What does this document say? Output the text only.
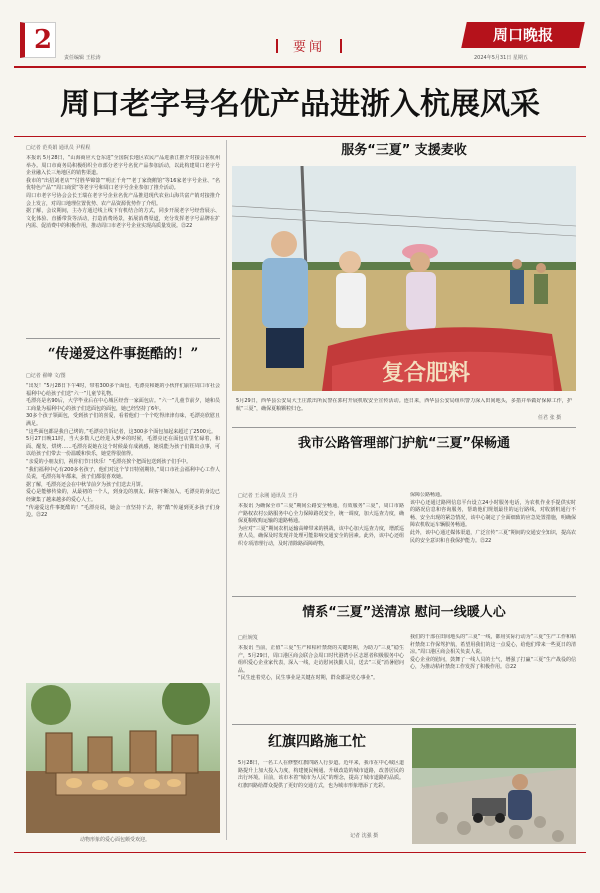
2
责任编辑 王松涛
要闻
周口晚报
2024年5月31日 星期五
周口老字号名优产品进浙入杭展风采
□记者 范英娟 通讯员 尹程程
本报讯 5月28日，“山海商应大仓东进”全国院长地区农民产品进浙江推介对接会在杭州举办。周口市商务局积极组织全市部分老字号名优产品参加活动，以此构建周口老字号企业融入长三角地区的销售渠道。
我市的“出招刘老店”“付胜华锦馀”“明正千舟”“老丁家烧鹅馆”等16家老字号企业、“名优特色产品”“周口商贸”等老字号和周口老字号企业参加了推介活动。
周口市老字号协会会长王瑞在老字号企业名优产品推进现代农业山海共富产销对接推介会上发言，对周口地理位置优势、农产品资源优势作了介绍。
据了解，会议期间，主办方通过线上线下有机结合的方式，同步开展老字号经营展示、文化体验、直播带货等活动，打造消费场景，拓展消费渠道，充分发挥老字号品牌在扩内需、促消费中的积极作用，推动周口市老字号企业实现高质量发展。㉒22
“传递爱这件事挺酷的！”
□记者 翟峰 文/图
“出发！”5月28日下午4时，带着300多个面包，毛漂亮和她的小伙伴们前往周口市社会福利中心给孩子们送“六一”儿童节礼物。
毛漂亮是名90后，大学毕业后在中心城区经营一家面包店。“六一”儿童节前夕，她和员工商量为福利中心的孩子们送面包的面包，她已经坚持了6年。
30多个孩子领面包，受到孩子们的喜爱，看着他们一个个吃得津津有味，毛漂亮欣慰且满足。
“这些面包都是我自己烤的。”毛漂亮告诉记者，这300多个面包加起来超过了2500元。
5月27日晚11时，当大多数人已经进入梦乡的时候，毛漂亮还在面包店里忙碌着，和面、醒发、烘烤……毛漂亮说她在这个时候最有成就感，她说能为孩子们做出点事，可以给孩子们带去一份温暖和快乐，她觉得很值得。
“亲爱的小朋友们，祝你们节日快乐！”毛漂亮挨个把面包送到孩子们手中。
“我们福利中心有200多名孩子，他们对这个节日特别期待。”周口市社会福利中心工作人员说，毛漂亮每年都来，孩子们都很喜欢她。
据了解，毛漂亮还会在中秋节前夕为孩子们送去月饼。
爱心是能够传染的，从最初的一个人，到身边的朋友、顾客不断加入，毛漂亮的身边已经聚集了越来越多的爱心人士。
“传递爱这件事挺酷的！”毛漂亮说，她会一直坚持下去，将“酷”传递到更多孩子们身边。㉒22
动物形象的爱心面包颇受欢迎。
服务“三夏” 支援麦收
复合肥料
5月29日，西华县公安局大王庄派出所民警在郭村开展机收安全宣传活动。连日来，西华县公安局组织警力深入田间地头，多措并举做好保障工作，护航“三夏”，确保夏粮颗粒归仓。
任君 张 摄
我市公路管理部门护航“三夏”保畅通
□记者 王永刚 通讯员 王丹
本报讯 为确保全市“三夏”期间公路安全畅通，有效服务“三夏”，周口市路产路权农村公路服务中心全力保障路况安全，统一调度，加大巡查力度，确保夏粮收购运输的道路畅通。
为应对“三夏”期间农机运输高峰带来的挑战，该中心加大巡查力度，增派巡查人员，确保及时发现并处理可能影响交通安全的因素。此外，该中心还组织专项清理行动，及时清除路面障碍物，
保障公路畅通。
该中心还通过路网信息平台设立24小时服务电话，为农机作业手提供实时的路况信息和咨询服务，帮助他们规划最佳的运行路线，对收割机通行不畅、安全出现的紧急情况，该中心制定了全面细致的应急处置措施，明确保障农机收运车辆服务畅通。
此外，该中心通过媒体渠道，广泛宣传“三夏”期间的交通安全知识，提高农民的安全意识和自我保护能力。㉒22
情系“三夏”送清凉 慰问一线暖人心
□杜婉笈
本报讯 当前，正值“三夏”生产和秸秆禁烧的关键时期，为助力“三夏”稳生产，5月29日，周口港区商会联合会周口时代港湾小区志愿者积极服务中心组织爱心企业家代表，深入一线，走访慰问执勤人员，送去“三夏”消暑慰问品。
“民生连着党心，民生事业是关键在时期，群众都是党心事业”。
我们的干部在田间地头的“三夏”一线，都用实际行动为“三夏”生产工作和秸秆禁烧工作保驾护航，希望用我们的这一点爱心，给他们带来一些夏日的清凉。”周口港区商会相关负责人说。
爱心企业的慰问，鼓舞了一线人员的士气，增强了打赢“三夏”生产战役的信心，为推动秸秆禁烧工作发挥了积极作用。㉒22
红旗四路施工忙
5月28日，一名工人在修整红旗四路人行步道。近年来，我市在中心城区道路提升上加大投入力度，构建便民畅通、升级改造的城市道路，改善居民的出行环境。目前，该市本着“城市为人民”的理念，提高了城市道路的品质。红旗四路给群众提供了更好的交通方式，也为城市形象增添了光彩。
记者 沈强 摄
